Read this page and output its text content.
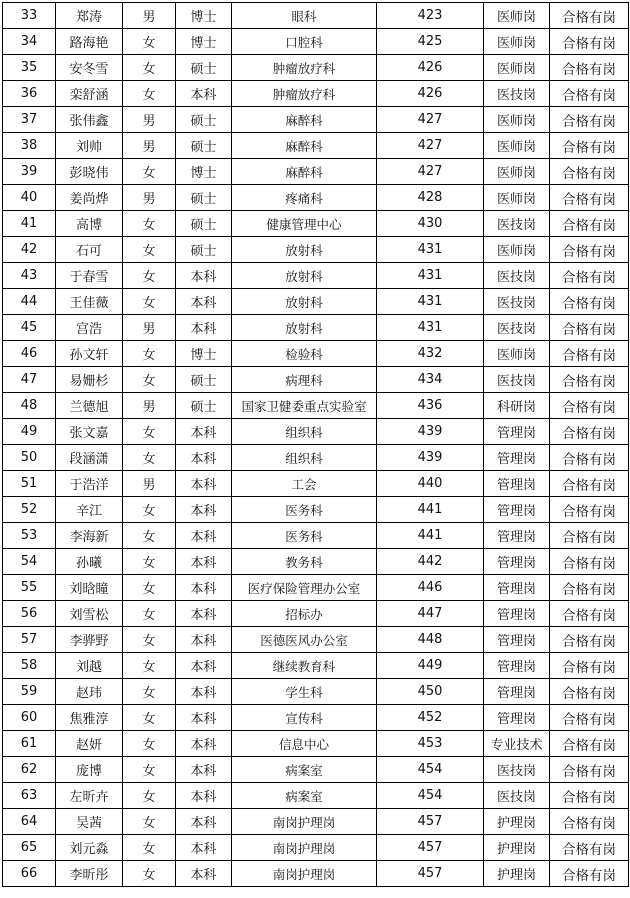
33	郑涛	男	博士	眼科	423	医师岗	合格有岗
34	路海艳	女	博士	口腔科	425	医师岗	合格有岗
35	安冬雪	女	硕士	肿瘤放疗科	426	医师岗	合格有岗
36	栾舒涵	女	本科	肿瘤放疗科	426	医技岗	合格有岗
37	张伟鑫	男	硕士	麻醉科	427	医师岗	合格有岗
38	刘帅	男	硕士	麻醉科	427	医师岗	合格有岗
39	彭晓伟	女	博士	麻醉科	427	医师岗	合格有岗
40	姜尚烨	男	硕士	疼痛科	428	医师岗	合格有岗
41	高博	女	硕士	健康管理中心	430	医技岗	合格有岗
42	石可	女	硕士	放射科	431	医师岗	合格有岗
43	于春雪	女	本科	放射科	431	医技岗	合格有岗
44	王佳薇	女	本科	放射科	431	医技岗	合格有岗
45	宫浩	男	本科	放射科	431	医技岗	合格有岗
46	孙文轩	女	博士	检验科	432	医师岗	合格有岗
47	易姗杉	女	硕士	病理科	434	医技岗	合格有岗
48	兰德旭	男	硕士	国家卫健委重点实验室	436	科研岗	合格有岗
49	张文嘉	女	本科	组织科	439	管理岗	合格有岗
50	段涵潇	女	本科	组织科	439	管理岗	合格有岗
51	于浩洋	男	本科	工会	440	管理岗	合格有岗
52	辛江	女	本科	医务科	441	管理岗	合格有岗
53	李海新	女	本科	医务科	441	管理岗	合格有岗
54	孙曦	女	本科	教务科	442	管理岗	合格有岗
55	刘晗瞳	女	本科	医疗保险管理办公室	446	管理岗	合格有岗
56	刘雪松	女	本科	招标办	447	管理岗	合格有岗
57	李骅野	女	本科	医德医风办公室	448	管理岗	合格有岗
58	刘越	女	本科	继续教育科	449	管理岗	合格有岗
59	赵玮	女	本科	学生科	450	管理岗	合格有岗
60	焦雅淳	女	本科	宣传科	452	管理岗	合格有岗
61	赵妍	女	本科	信息中心	453	专业技术	合格有岗
62	庞博	女	本科	病案室	454	医技岗	合格有岗
63	左昕卉	女	本科	病案室	454	医技岗	合格有岗
64	吴茜	女	本科	南岗护理岗	457	护理岗	合格有岗
65	刘元淼	女	本科	南岗护理岗	457	护理岗	合格有岗
66	李昕彤	女	本科	南岗护理岗	457	护理岗	合格有岗
